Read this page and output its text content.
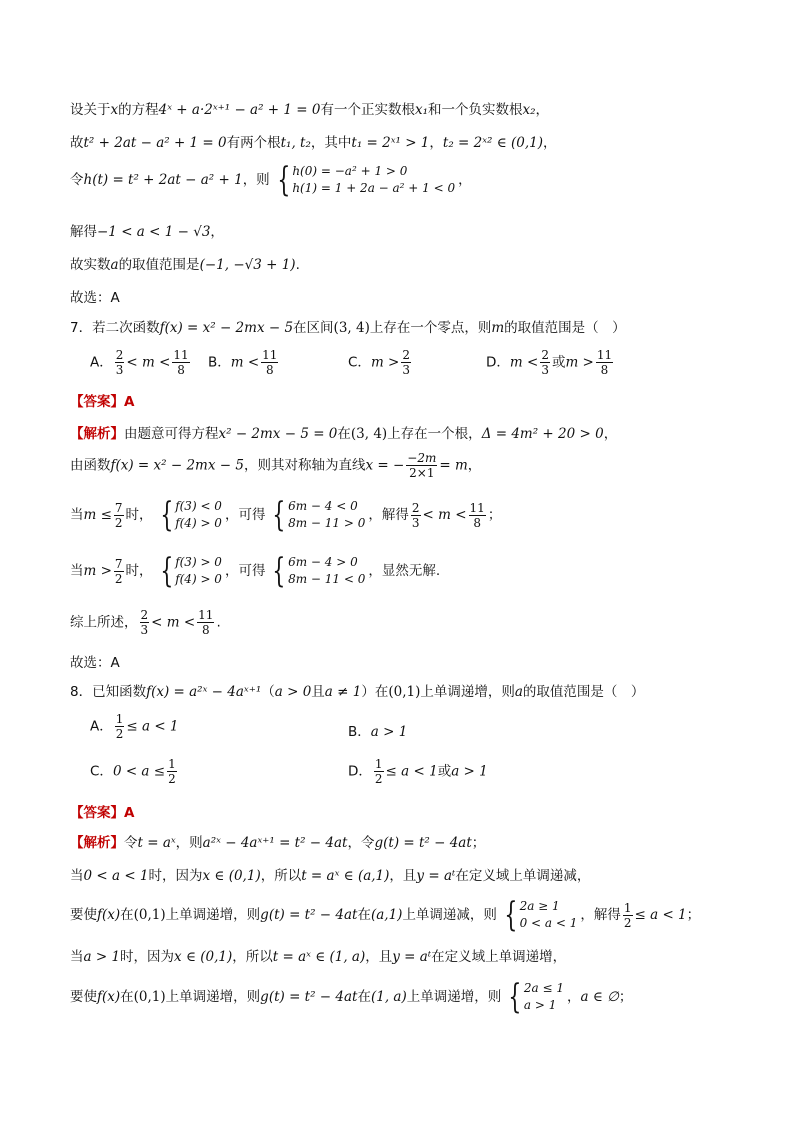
设关于x的方程4ˣ + a·2ˣ⁺¹ − a² + 1 = 0有一个正实数根x₁和一个负实数根x₂，
故t² + 2at − a² + 1 = 0有两个根t₁, t₂，其中t₁ = 2ˣ¹ > 1，t₂ = 2ˣ² ∈ (0,1)，
令h(t) = t² + 2at − a² + 1，则 { h(0) = −a² + 1 > 0
h(1) = 1 + 2a − a² + 1 < 0 ，
解得−1 < a < 1 − √3，
故实数a的取值范围是(−1, −√3 + 1).
故选：A
7．若二次函数f(x) = x² − 2mx − 5在区间(3, 4)上存在一个零点，则m的取值范围是（　）
A． $\frac{2}{3} < m < \frac{11}{8}$ B．$m < \frac{11}{8}$	C．$m > \frac{2}{3}$	D．$m < \frac{2}{3}$ 或$m > \frac{11}{8}$
【答案】A
【解析】由题意可得方程x² − 2mx − 5 = 0在(3, 4)上存在一个根，Δ = 4m² + 20 > 0，
由函数f(x) = x² − 2mx − 5，则其对称轴为直线x = − $\frac{-2m}{2\times 1} = m$，
当$m \le \frac{7}{2}$ 时， { f(3) < 0
f(4) > 0 ，可得 { 6m − 4 < 0
8m − 11 > 0 ，解得 $\frac{2}{3} < m < \frac{11}{8}$ ；
当$m > \frac{7}{2}$ 时， { f(3) > 0
f(4) > 0 ，可得 { 6m − 4 > 0
8m − 11 < 0 ，显然无解.
综上所述， $\frac{2}{3} < m < \frac{11}{8}$ .
故选：A
8．已知函数f(x) = a²ˣ − 4aˣ⁺¹（a > 0且a ≠ 1）在(0,1)上单调递增，则a的取值范围是（　）
A． $\frac{1}{2} \le a < 1$	B．a > 1
C．$0 < a \le \frac{1}{2}$	D． $\frac{1}{2} \le a < 1$或a > 1
【答案】A
【解析】令t = aˣ，则a²ˣ − 4aˣ⁺¹ = t² − 4at，令g(t) = t² − 4at；
当0 < a < 1时，因为x ∈ (0,1)，所以t = aˣ ∈ (a,1)，且y = aᵗ在定义域上单调递减，
要使f(x)在(0,1)上单调递增，则g(t) = t² − 4at在(a,1)上单调递减，则 { 2a ≥ 1
0 < a < 1 ，解得 $\frac{1}{2} \le a < 1$；
当a > 1时，因为x ∈ (0,1)，所以t = aˣ ∈ (1, a)，且y = aᵗ在定义域上单调递增，
要使f(x)在(0,1)上单调递增，则g(t) = t² − 4at在(1, a)上单调递增，则 { 2a ≤ 1
a > 1 ，a ∈ ∅；
